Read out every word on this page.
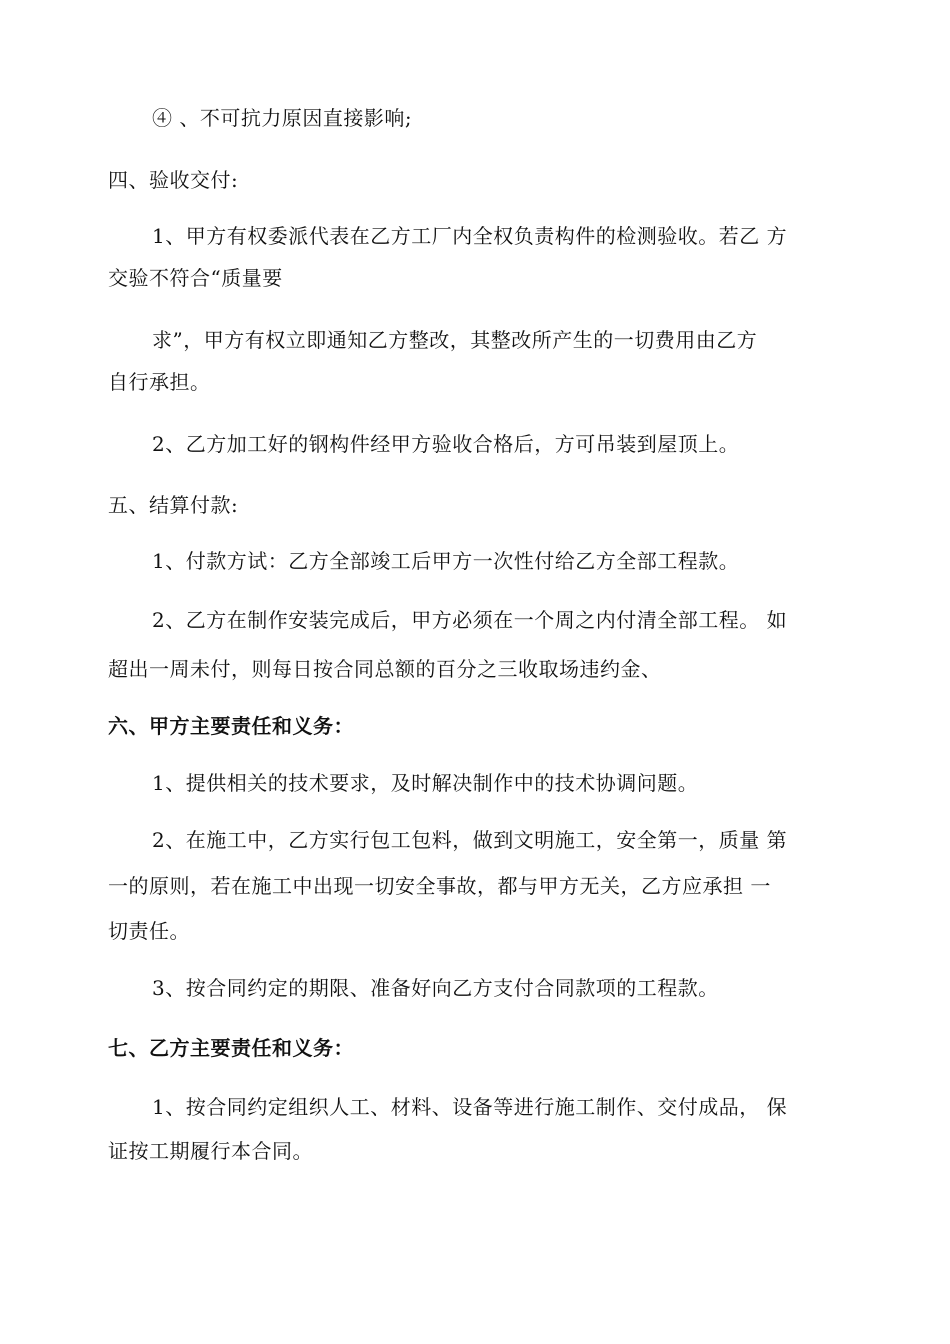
④ 、不可抗力原因直接影响;
四、验收交付:
1、甲方有权委派代表在乙方工厂内全权负责构件的检测验收。若乙 方
交验不符合“质量要
求”，甲方有权立即通知乙方整改，其整改所产生的一切费用由乙方
自行承担。
2、乙方加工好的钢构件经甲方验收合格后，方可吊装到屋顶上。
五、结算付款:
1、付款方试：乙方全部竣工后甲方一次性付给乙方全部工程款。
2、乙方在制作安装完成后，甲方必须在一个周之内付清全部工程。 如
超出一周未付，则每日按合同总额的百分之三收取场违约金、
六、甲方主要责任和义务：
1、提供相关的技术要求，及时解决制作中的技术协调问题。
2、在施工中，乙方实行包工包料，做到文明施工，安全第一，质量 第
一的原则，若在施工中出现一切安全事故，都与甲方无关，乙方应承担 一
切责任。
3、按合同约定的期限、准备好向乙方支付合同款项的工程款。
七、乙方主要责任和义务：
1、按合同约定组织人工、材料、设备等进行施工制作、交付成品， 保
证按工期履行本合同。
